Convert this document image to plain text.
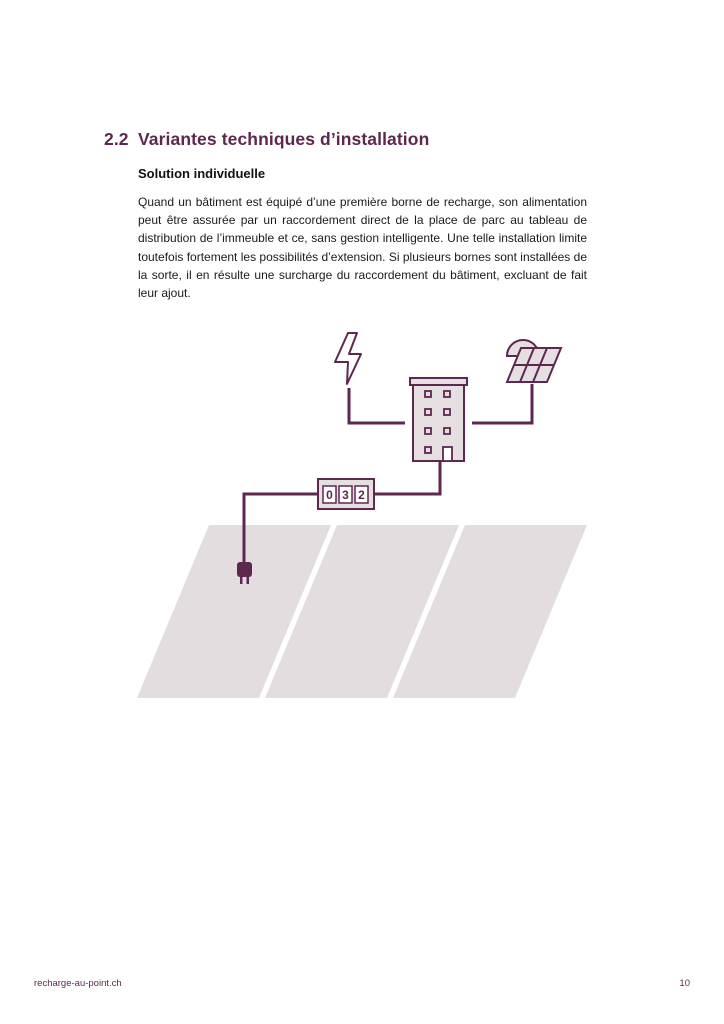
2.2 Variantes techniques d’installation
Solution individuelle
Quand un bâtiment est équipé d’une première borne de recharge, son alimentation peut être assurée par un raccordement direct de la place de parc au tableau de distribution de l’immeuble et ce, sans gestion intelligente. Une telle installation limite toutefois fortement les possibilités d’extension. Si plusieurs bornes sont installées de la sorte, il en résulte une surcharge du raccordement du bâtiment, excluant de fait leur ajout.
0 3 2
recharge-au-point.ch	10
